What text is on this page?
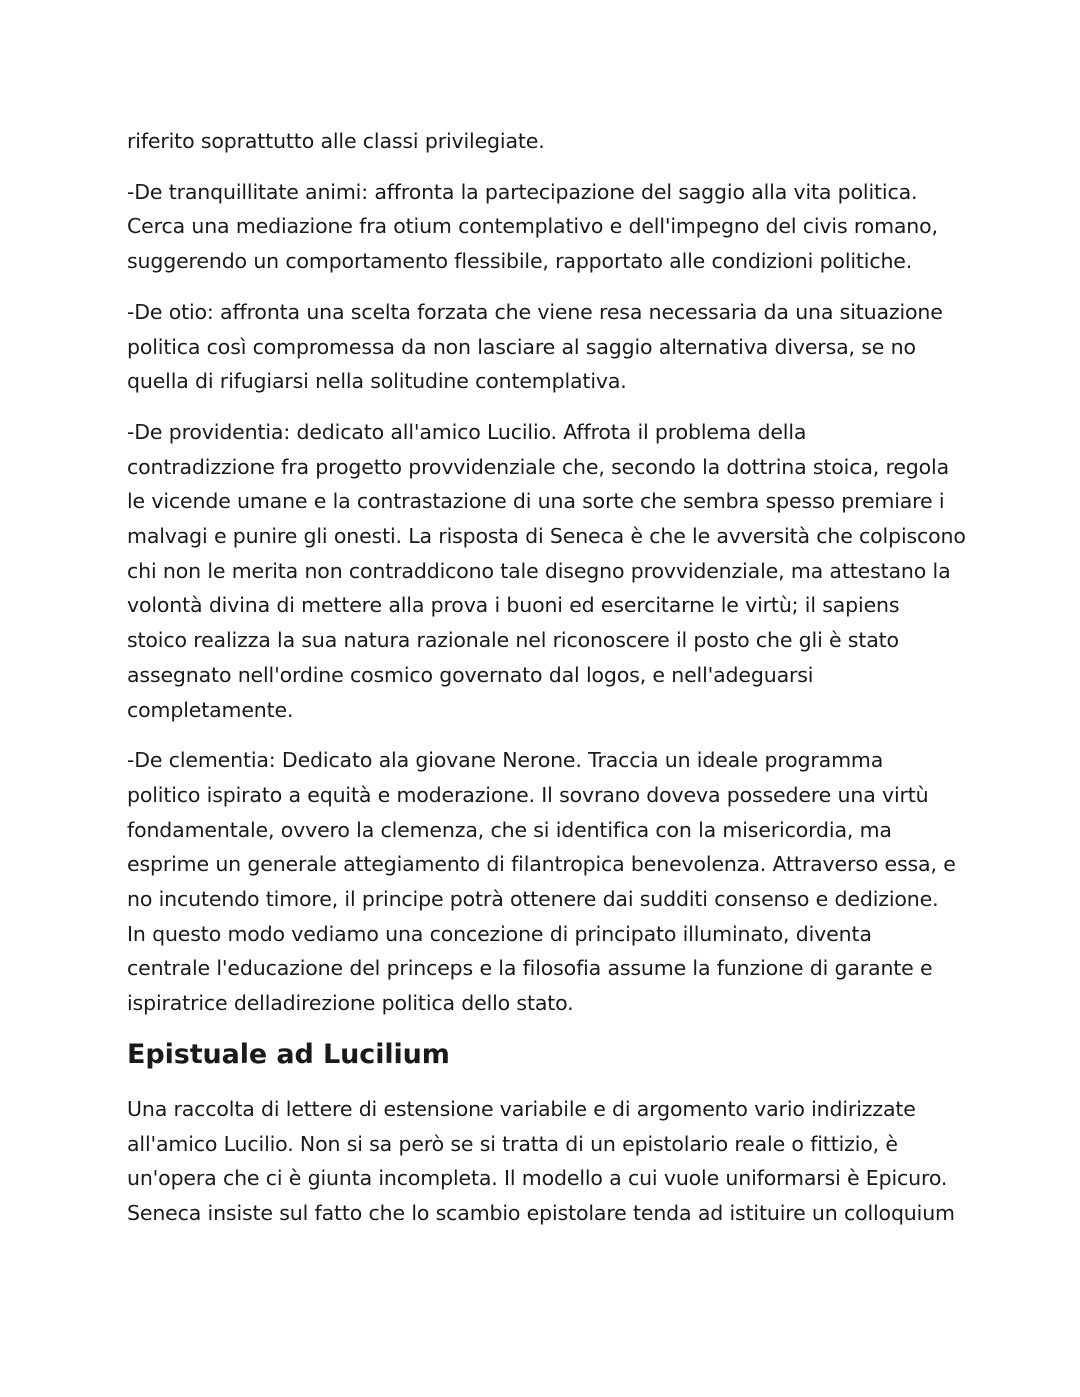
riferito soprattutto alle classi privilegiate.
-De tranquillitate animi: affronta la partecipazione del saggio alla vita politica.
Cerca una mediazione fra otium contemplativo e dell'impegno del civis romano,
suggerendo un comportamento flessibile, rapportato alle condizioni politiche.
-De otio: affronta una scelta forzata che viene resa necessaria da una situazione
politica così compromessa da non lasciare al saggio alternativa diversa, se no
quella di rifugiarsi nella solitudine contemplativa.
-De providentia: dedicato all'amico Lucilio. Affrota il problema della
contradizzione fra progetto provvidenziale che, secondo la dottrina stoica, regola
le vicende umane e la contrastazione di una sorte che sembra spesso premiare i
malvagi e punire gli onesti. La risposta di Seneca è che le avversità che colpiscono
chi non le merita non contraddicono tale disegno provvidenziale, ma attestano la
volontà divina di mettere alla prova i buoni ed esercitarne le virtù; il sapiens
stoico realizza la sua natura razionale nel riconoscere il posto che gli è stato
assegnato nell'ordine cosmico governato dal logos, e nell'adeguarsi
completamente.
-De clementia: Dedicato ala giovane Nerone. Traccia un ideale programma
politico ispirato a equità e moderazione. Il sovrano doveva possedere una virtù
fondamentale, ovvero la clemenza, che si identifica con la misericordia, ma
esprime un generale attegiamento di filantropica benevolenza. Attraverso essa, e
no incutendo timore, il principe potrà ottenere dai sudditi consenso e dedizione.
In questo modo vediamo una concezione di principato illuminato, diventa
centrale l'educazione del princeps e la filosofia assume la funzione di garante e
ispiratrice delladirezione politica dello stato.
Epistuale ad Lucilium
Una raccolta di lettere di estensione variabile e di argomento vario indirizzate
all'amico Lucilio. Non si sa però se si tratta di un epistolario reale o fittizio, è
un'opera che ci è giunta incompleta. Il modello a cui vuole uniformarsi è Epicuro.
Seneca insiste sul fatto che lo scambio epistolare tenda ad istituire un colloquium
